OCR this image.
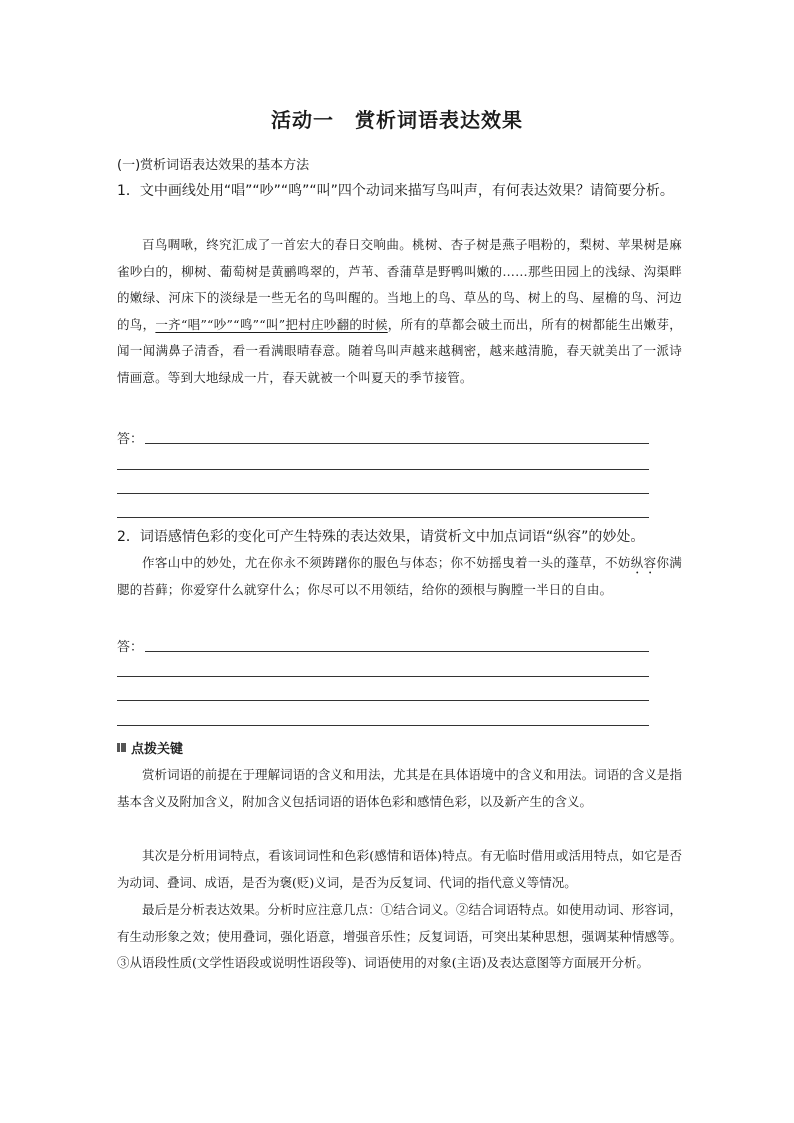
活动一　赏析词语表达效果
(一)赏析词语表达效果的基本方法
1．文中画线处用“唱”“吵”“鸣”“叫”四个动词来描写鸟叫声，有何表达效果？请简要分析。
百鸟啁啾，终究汇成了一首宏大的春日交响曲。桃树、杏子树是燕子唱粉的，梨树、苹果树是麻雀吵白的，柳树、葡萄树是黄鹂鸣翠的，芦苇、香蒲草是野鸭叫嫩的……那些田园上的浅绿、沟渠畔的嫩绿、河床下的淡绿是一些无名的鸟叫醒的。当地上的鸟、草丛的鸟、树上的鸟、屋檐的鸟、河边的鸟，一齐“唱”“吵”“鸣”“叫”把村庄吵翻的时候，所有的草都会破土而出，所有的树都能生出嫩芽，闻一闻满鼻子清香，看一看满眼晴春意。随着鸟叫声越来越稠密，越来越清脆，春天就美出了一派诗情画意。等到大地绿成一片，春天就被一个叫夏天的季节接管。
答：
2．词语感情色彩的变化可产生特殊的表达效果，请赏析文中加点词语“纵容”的妙处。
作客山中的妙处，尤在你永不须踌躇你的服色与体态；你不妨摇曳着一头的蓬草，不妨纵容你满腮的苔藓；你爱穿什么就穿什么；你尽可以不用领结，给你的颈根与胸膛一半日的自由。
答：
点拨关键
赏析词语的前提在于理解词语的含义和用法，尤其是在具体语境中的含义和用法。词语的含义是指基本含义及附加含义，附加含义包括词语的语体色彩和感情色彩，以及新产生的含义。
其次是分析用词特点，看该词词性和色彩(感情和语体)特点。有无临时借用或活用特点，如它是否为动词、叠词、成语，是否为褒(贬)义词，是否为反复词、代词的指代意义等情况。
最后是分析表达效果。分析时应注意几点：①结合词义。②结合词语特点。如使用动词、形容词，有生动形象之效；使用叠词，强化语意，增强音乐性；反复词语，可突出某种思想，强调某种情感等。③从语段性质(文学性语段或说明性语段等)、词语使用的对象(主语)及表达意图等方面展开分析。
